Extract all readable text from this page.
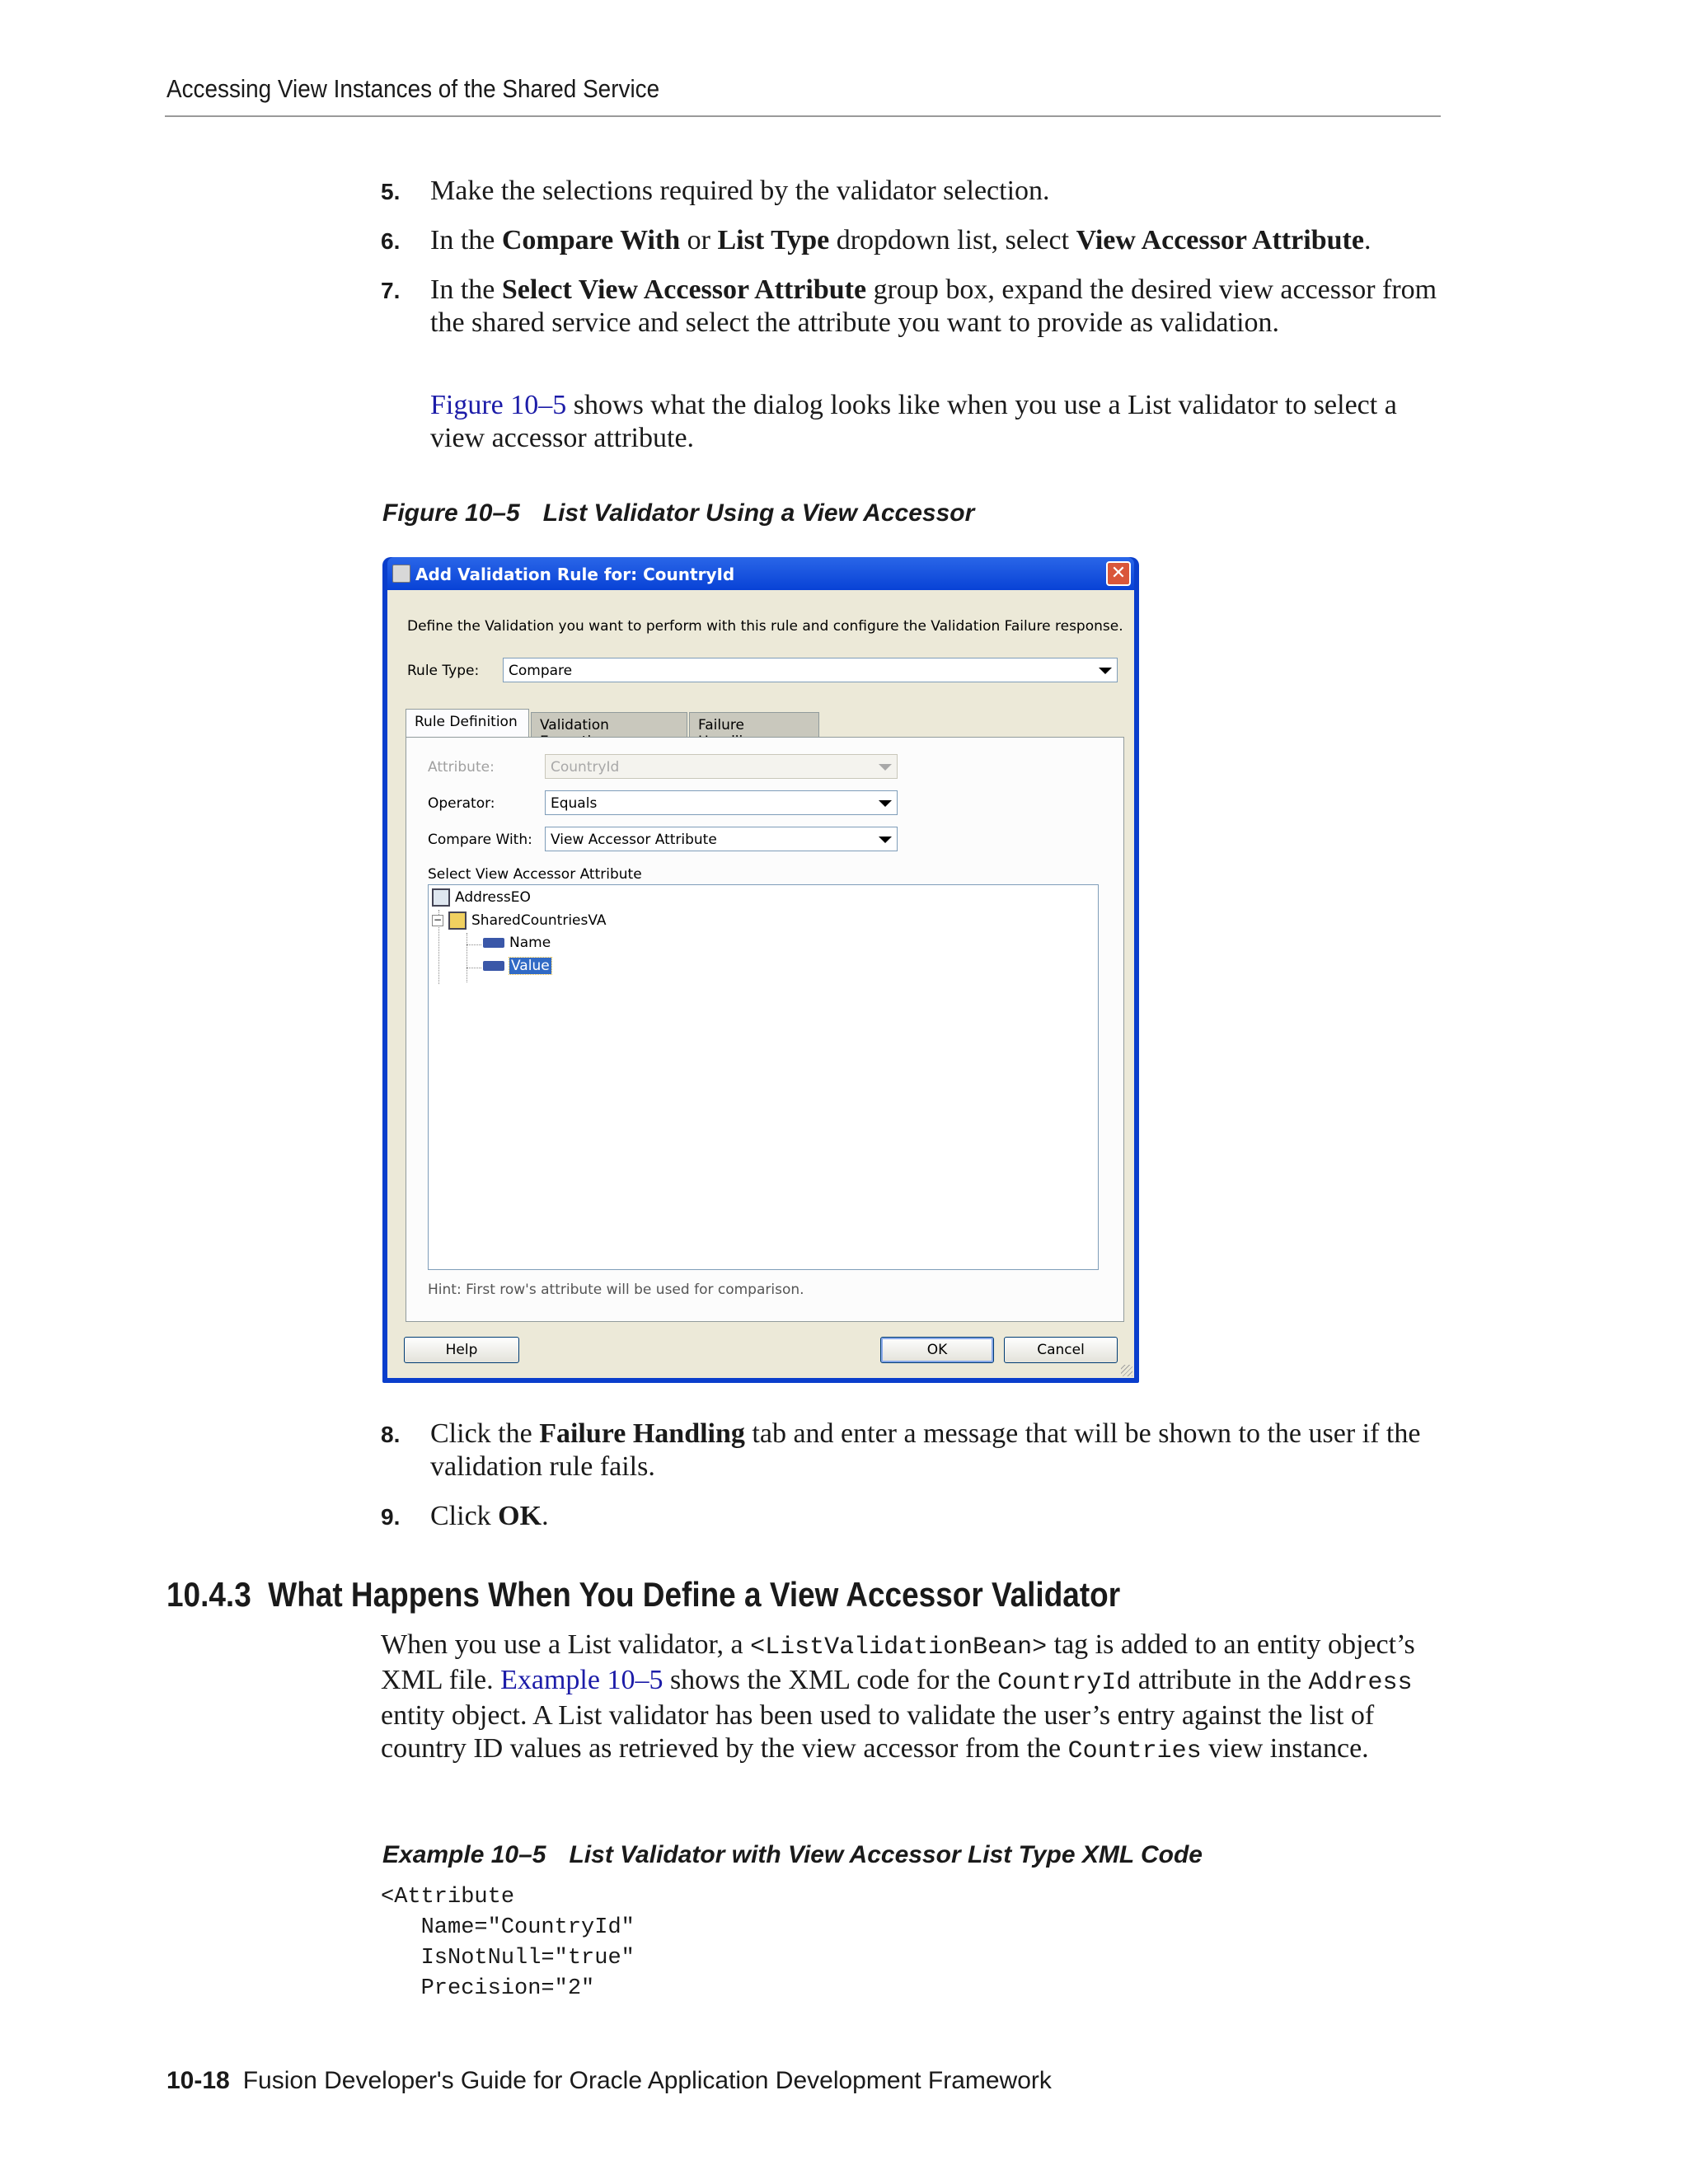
Accessing View Instances of the Shared Service
5. Make the selections required by the validator selection.
6. In the Compare With or List Type dropdown list, select View Accessor Attribute.
7. In the Select View Accessor Attribute group box, expand the desired view accessor from the shared service and select the attribute you want to provide as validation.
Figure 10–5 shows what the dialog looks like when you use a List validator to select a view accessor attribute.
Figure 10–5 List Validator Using a View Accessor
Add Validation Rule for: CountryId	✕
Define the Validation you want to perform with this rule and configure the Validation Failure response.
Rule Type:	Compare
Rule Definition	Validation	Failure
Attribute:	CountryId
Operator:	Equals
Compare With:	View Accessor Attribute
Select View Accessor Attribute
AddressEO
− SharedCountriesVA
Name
Value
Hint: First row's attribute will be used for comparison.
Help	OK	Cancel
8. Click the Failure Handling tab and enter a message that will be shown to the user if the validation rule fails.
9. Click OK.
10.4.3 What Happens When You Define a View Accessor Validator
When you use a List validator, a <ListValidationBean> tag is added to an entity object’s XML file. Example 10–5 shows the XML code for the CountryId attribute in the Address entity object. A List validator has been used to validate the user’s entry against the list of country ID values as retrieved by the view accessor from the Countries view instance.
Example 10–5 List Validator with View Accessor List Type XML Code
<Attribute
Name="CountryId"
IsNotNull="true"
Precision="2"
10-18 Fusion Developer's Guide for Oracle Application Development Framework
